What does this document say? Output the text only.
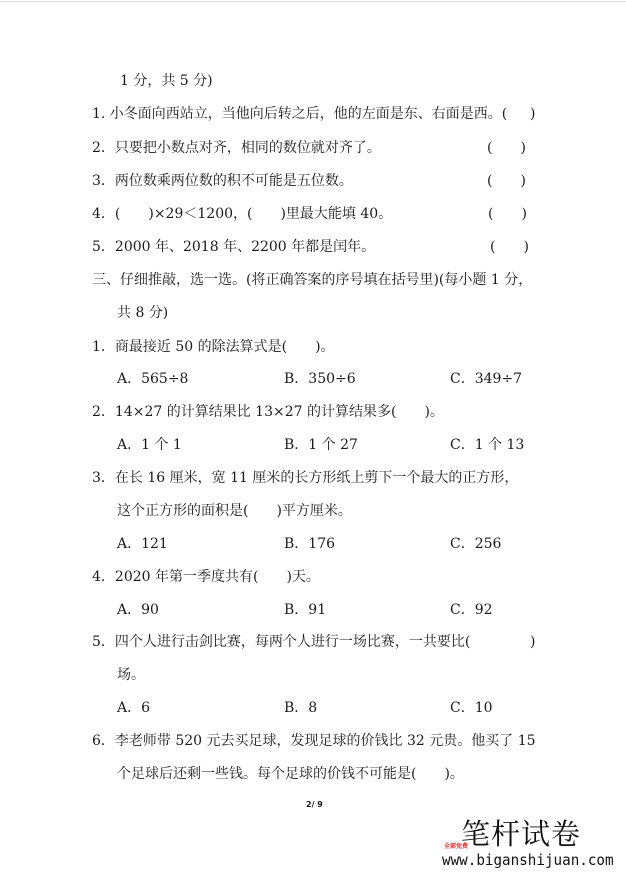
1 分，共 5 分)
1. 小冬面向西站立，当他向后转之后，他的左面是东、右面是西。( )
2．只要把小数点对齐，相同的数位就对齐了。	(　　)
3．两位数乘两位数的积不可能是五位数。	(　　)
4．(　　)×29＜1200，(　　)里最大能填 40。	(　　)
5．2000 年、2018 年、2200 年都是闰年。	(　　)
三、仔细推敲，选一选。(将正确答案的序号填在括号里)(每小题 1 分，
共 8 分)
1．商最接近 50 的除法算式是(　　)。
A．565÷8	B．350÷6	C．349÷7
2．14×27 的计算结果比 13×27 的计算结果多(　　)。
A．1 个 1	B．1 个 27	C．1 个 13
3．在长 16 厘米，宽 11 厘米的长方形纸上剪下一个最大的正方形，
这个正方形的面积是(　　)平方厘米。
A．121	B．176	C．256
4．2020 年第一季度共有(　　)天。
A．90	B．91	C．92
5．四个人进行击剑比赛，每两个人进行一场比赛，一共要比(	)
场。
A．6	B．8	C．10
6．李老师带 520 元去买足球，发现足球的价钱比 32 元贵。他买了 15
个足球后还剩一些钱。每个足球的价钱不可能是(　　)。
2/ 9
笔杆试卷
全部免费
www.biganshijuan.com
